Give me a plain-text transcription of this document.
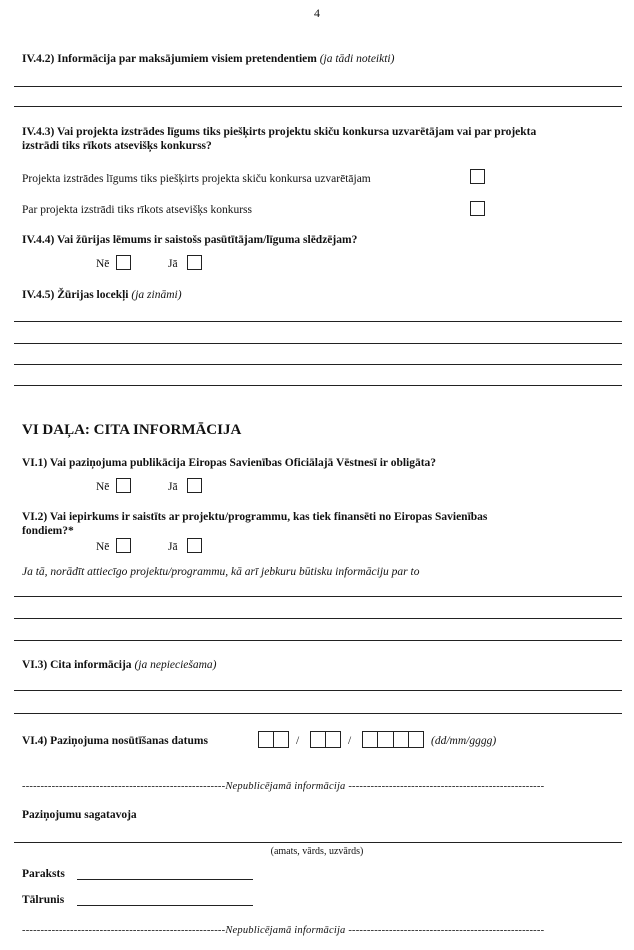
4
IV.4.2) Informācija par maksājumiem visiem pretendentiem (ja tādi noteikti)
IV.4.3) Vai projekta izstrādes līgums tiks piešķirts projektu skiču konkursa uzvarētājam vai par projekta
izstrādi tiks rīkots atsevišķs konkurss?
Projekta izstrādes līgums tiks piešķirts projekta skiču konkursa uzvarētājam
Par projekta izstrādi tiks rīkots atsevišķs konkurss
IV.4.4) Vai žūrijas lēmums ir saistošs pasūtītājam/līguma slēdzējam?
Nē	Jā
IV.4.5) Žūrijas locekļi (ja zināmi)
VI DAĻA: CITA INFORMĀCIJA
VI.1) Vai paziņojuma publikācija Eiropas Savienības Oficiālajā Vēstnesī ir obligāta?
Nē	Jā
VI.2) Vai iepirkums ir saistīts ar projektu/programmu, kas tiek finansēti no Eiropas Savienības
fondiem?*
Nē	Jā
Ja tā, norādīt attiecīgo projektu/programmu, kā arī jebkuru būtisku informāciju par to
VI.3) Cita informācija (ja nepieciešama)
VI.4) Paziņojuma nosūtīšanas datums	/	/	(dd/mm/gggg)
-------------------------------------------------------Nepublicējamā informācija -----------------------------------------------------
Paziņojumu sagatavoja
(amats, vārds, uzvārds)
Paraksts
Tālrunis
-------------------------------------------------------Nepublicējamā informācija -----------------------------------------------------
